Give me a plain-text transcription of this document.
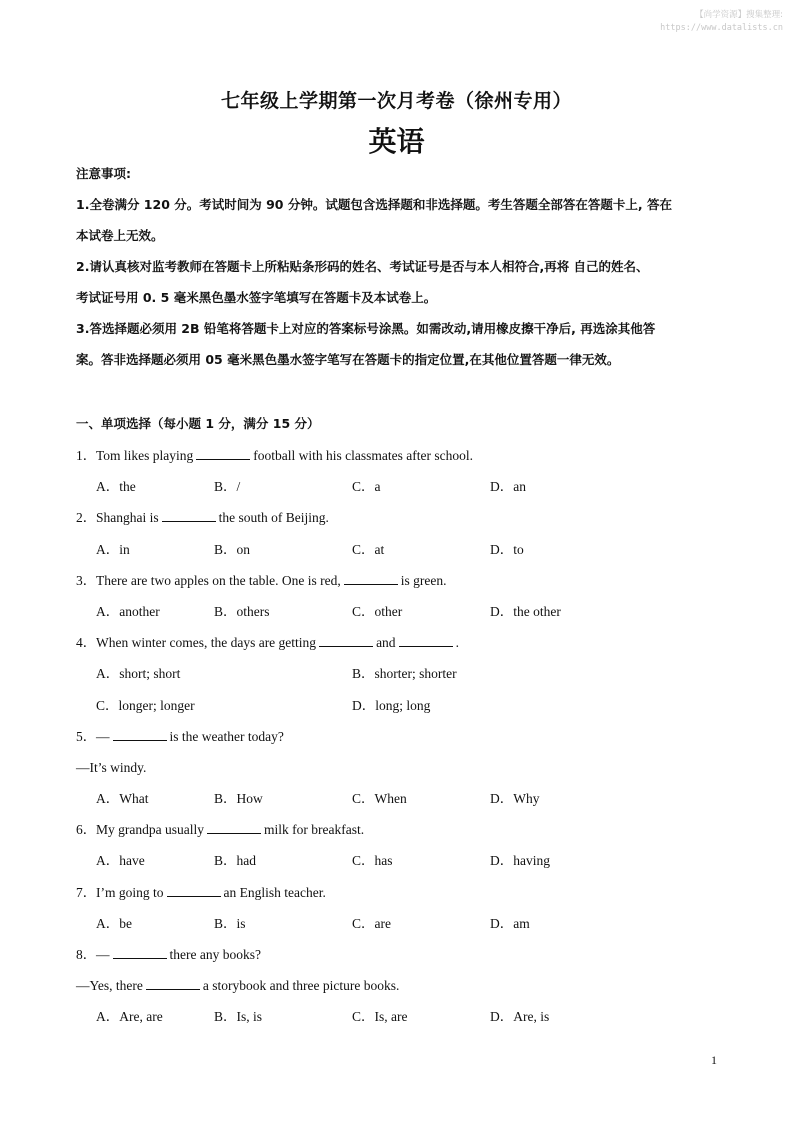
【尚学资源】搜集整理:
https://www.datalists.cn
七年级上学期第一次月考卷（徐州专用）
英语
注意事项:
1.全卷满分 120 分。考试时间为 90 分钟。试题包含选择题和非选择题。考生答题全部答在答题卡上, 答在
本试卷上无效。
2.请认真核对监考教师在答题卡上所粘贴条形码的姓名、考试证号是否与本人相符合,再将 自己的姓名、
考试证号用 0. 5 毫米黑色墨水签字笔填写在答题卡及本试卷上。
3.答选择题必须用 2B 铅笔将答题卡上对应的答案标号涂黑。如需改动,请用橡皮擦干净后, 再选涂其他答
案。答非选择题必须用 05 毫米黑色墨水签字笔写在答题卡的指定位置,在其他位置答题一律无效。
一、单项选择（每小题 1 分，满分 15 分）
1．Tom likes playing	football with his classmates after school.
A．the	B．/	C．a	D．an
2．Shanghai is	the south of Beijing.
A．in	B．on	C．at	D．to
3．There are two apples on the table. One is red,	is green.
A．another	B．others	C．other	D．the other
4．When winter comes, the days are getting	and	.
A．short; short	B．shorter; shorter
C．longer; longer	D．long; long
5．—	is the weather today?
—It’s windy.
A．What	B．How	C．When	D．Why
6．My grandpa usually	milk for breakfast.
A．have	B．had	C．has	D．having
7．I’m going to	an English teacher.
A．be	B．is	C．are	D．am
8．—	there any books?
—Yes, there	a storybook and three picture books.
A．Are, are	B．Is, is	C．Is, are	D．Are, is
1
